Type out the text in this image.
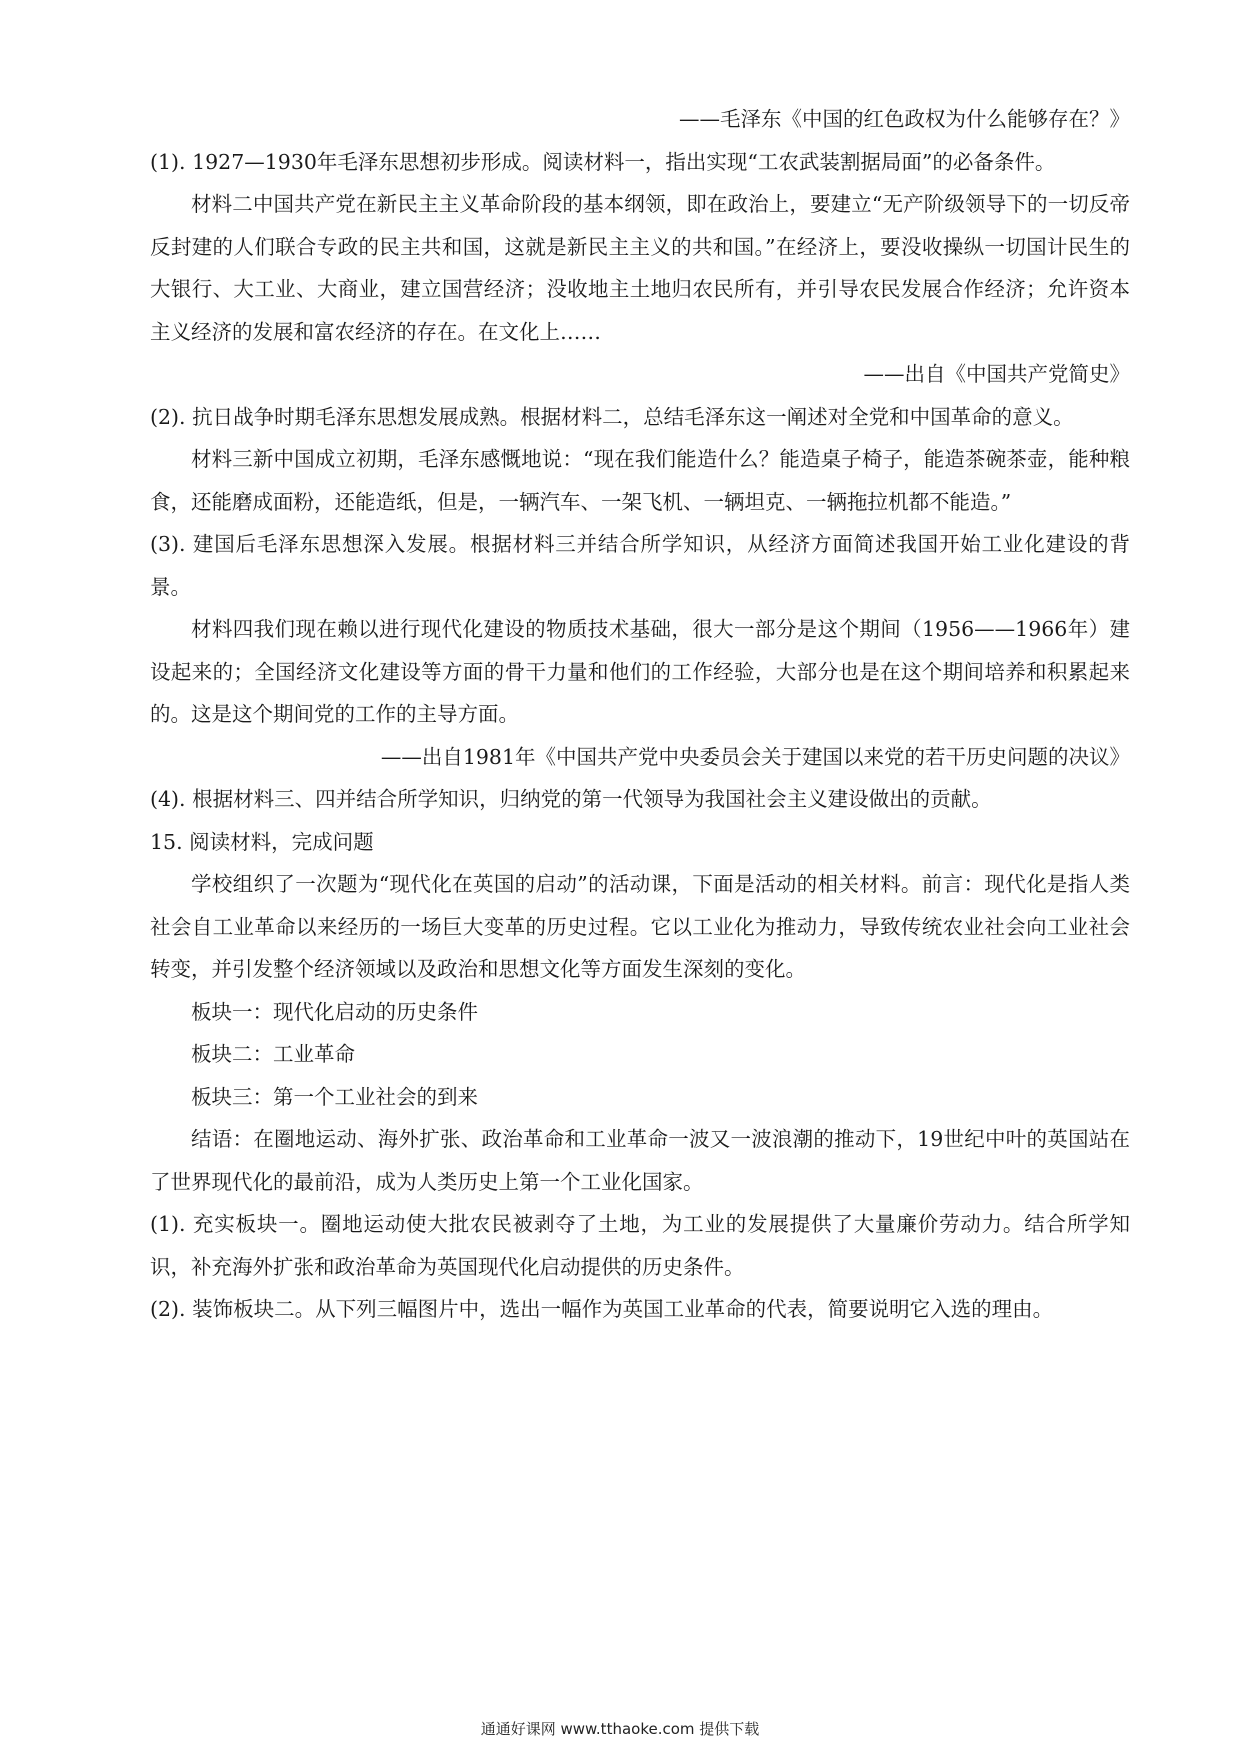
——毛泽东《中国的红色政权为什么能够存在？》

(1). 1927—1930年毛泽东思想初步形成。阅读材料一，指出实现“工农武装割据局面”的必备条件。

材料二中国共产党在新民主主义革命阶段的基本纲领，即在政治上，要建立“无产阶级领导下的一切反帝反封建的人们联合专政的民主共和国，这就是新民主主义的共和国。”在经济上，要没收操纵一切国计民生的大银行、大工业、大商业，建立国营经济；没收地主土地归农民所有，并引导农民发展合作经济；允许资本主义经济的发展和富农经济的存在。在文化上……

——出自《中国共产党简史》

(2). 抗日战争时期毛泽东思想发展成熟。根据材料二，总结毛泽东这一阐述对全党和中国革命的意义。

材料三新中国成立初期，毛泽东感慨地说：“现在我们能造什么？能造桌子椅子，能造茶碗茶壶，能种粮食，还能磨成面粉，还能造纸，但是，一辆汽车、一架飞机、一辆坦克、一辆拖拉机都不能造。”

(3). 建国后毛泽东思想深入发展。根据材料三并结合所学知识，从经济方面简述我国开始工业化建设的背景。

材料四我们现在赖以进行现代化建设的物质技术基础，很大一部分是这个期间（1956——1966年）建设起来的；全国经济文化建设等方面的骨干力量和他们的工作经验，大部分也是在这个期间培养和积累起来的。这是这个期间党的工作的主导方面。

——出自1981年《中国共产党中央委员会关于建国以来党的若干历史问题的决议》

(4). 根据材料三、四并结合所学知识，归纳党的第一代领导为我国社会主义建设做出的贡献。

15. 阅读材料，完成问题

学校组织了一次题为“现代化在英国的启动”的活动课，下面是活动的相关材料。前言：现代化是指人类社会自工业革命以来经历的一场巨大变革的历史过程。它以工业化为推动力，导致传统农业社会向工业社会转变，并引发整个经济领域以及政治和思想文化等方面发生深刻的变化。

板块一：现代化启动的历史条件

板块二：工业革命

板块三：第一个工业社会的到来

结语：在圈地运动、海外扩张、政治革命和工业革命一波又一波浪潮的推动下，19世纪中叶的英国站在了世界现代化的最前沿，成为人类历史上第一个工业化国家。

(1). 充实板块一。圈地运动使大批农民被剥夺了土地，为工业的发展提供了大量廉价劳动力。结合所学知识，补充海外扩张和政治革命为英国现代化启动提供的历史条件。

(2). 装饰板块二。从下列三幅图片中，选出一幅作为英国工业革命的代表，简要说明它入选的理由。

通通好课网 www.tthaoke.com 提供下载
